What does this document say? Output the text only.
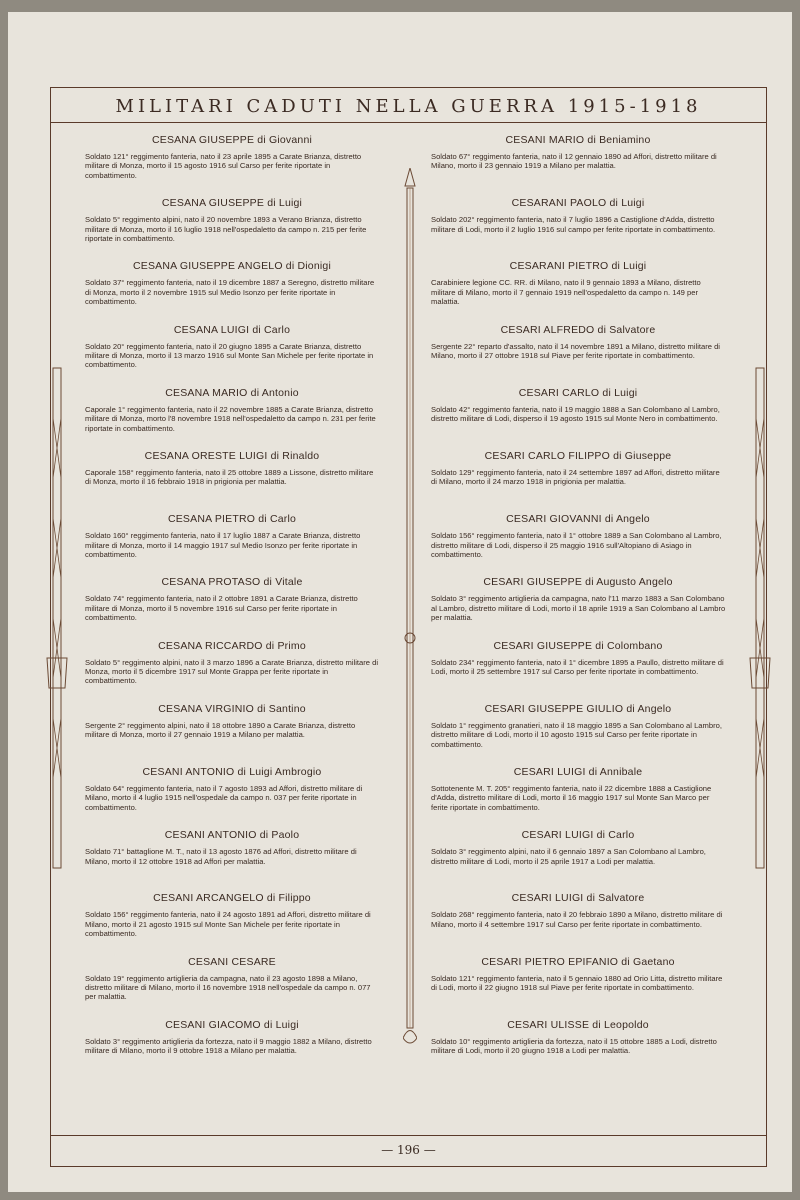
MILITARI CADUTI NELLA GUERRA 1915-1918
CESANA GIUSEPPE di Giovanni
Soldato 121° reggimento fanteria, nato il 23 aprile 1895 a Carate Brianza, distretto militare di Monza, morto il 15 agosto 1916 sul Carso per ferite riportate in combattimento.
CESANA GIUSEPPE di Luigi
Soldato 5° reggimento alpini, nato il 20 novembre 1893 a Verano Brianza, distretto militare di Monza, morto il 16 luglio 1918 nell'ospedaletto da campo n. 215 per ferite riportate in combattimento.
CESANA GIUSEPPE ANGELO di Dionigi
Soldato 37° reggimento fanteria, nato il 19 dicembre 1887 a Seregno, distretto militare di Monza, morto il 2 novembre 1915 sul Medio Isonzo per ferite riportate in combattimento.
CESANA LUIGI di Carlo
Soldato 20° reggimento fanteria, nato il 20 giugno 1895 a Carate Brianza, distretto militare di Monza, morto il 13 marzo 1916 sul Monte San Michele per ferite riportate in combattimento.
CESANA MARIO di Antonio
Caporale 1° reggimento fanteria, nato il 22 novembre 1885 a Carate Brianza, distretto militare di Monza, morto l'8 novembre 1918 nell'ospedaletto da campo n. 231 per ferite riportate in combattimento.
CESANA ORESTE LUIGI di Rinaldo
Caporale 158° reggimento fanteria, nato il 25 ottobre 1889 a Lissone, distretto militare di Monza, morto il 16 febbraio 1918 in prigionia per malattia.
CESANA PIETRO di Carlo
Soldato 160° reggimento fanteria, nato il 17 luglio 1887 a Carate Brianza, distretto militare di Monza, morto il 14 maggio 1917 sul Medio Isonzo per ferite riportate in combattimento.
CESANA PROTASO di Vitale
Soldato 74° reggimento fanteria, nato il 2 ottobre 1891 a Carate Brianza, distretto militare di Monza, morto il 5 novembre 1916 sul Carso per ferite riportate in combattimento.
CESANA RICCARDO di Primo
Soldato 5° reggimento alpini, nato il 3 marzo 1896 a Carate Brianza, distretto militare di Monza, morto il 5 dicembre 1917 sul Monte Grappa per ferite riportate in combattimento.
CESANA VIRGINIO di Santino
Sergente 2° reggimento alpini, nato il 18 ottobre 1890 a Carate Brianza, distretto militare di Monza, morto il 27 gennaio 1919 a Milano per malattia.
CESANI ANTONIO di Luigi Ambrogio
Soldato 64° reggimento fanteria, nato il 7 agosto 1893 ad Affori, distretto militare di Milano, morto il 4 luglio 1915 nell'ospedale da campo n. 037 per ferite riportate in combattimento.
CESANI ANTONIO di Paolo
Soldato 71° battaglione M. T., nato il 13 agosto 1876 ad Affori, distretto militare di Milano, morto il 12 ottobre 1918 ad Affori per malattia.
CESANI ARCANGELO di Filippo
Soldato 156° reggimento fanteria, nato il 24 agosto 1891 ad Affori, distretto militare di Milano, morto il 21 agosto 1915 sul Monte San Michele per ferite riportate in combattimento.
CESANI CESARE
Soldato 19° reggimento artiglieria da campagna, nato il 23 agosto 1898 a Milano, distretto militare di Milano, morto il 16 novembre 1918 nell'ospedale da campo n. 077 per malattia.
CESANI GIACOMO di Luigi
Soldato 3° reggimento artiglieria da fortezza, nato il 9 maggio 1882 a Milano, distretto militare di Milano, morto il 9 ottobre 1918 a Milano per malattia.
CESANI MARIO di Beniamino
Soldato 67° reggimento fanteria, nato il 12 gennaio 1890 ad Affori, distretto militare di Milano, morto il 23 gennaio 1919 a Milano per malattia.
CESARANI PAOLO di Luigi
Soldato 202° reggimento fanteria, nato il 7 luglio 1896 a Castiglione d'Adda, distretto militare di Lodi, morto il 2 luglio 1916 sul campo per ferite riportate in combattimento.
CESARANI PIETRO di Luigi
Carabiniere legione CC. RR. di Milano, nato il 9 gennaio 1893 a Milano, distretto militare di Milano, morto il 7 gennaio 1919 nell'ospedaletto da campo n. 149 per malattia.
CESARI ALFREDO di Salvatore
Sergente 22° reparto d'assalto, nato il 14 novembre 1891 a Milano, distretto militare di Milano, morto il 27 ottobre 1918 sul Piave per ferite riportate in combattimento.
CESARI CARLO di Luigi
Soldato 42° reggimento fanteria, nato il 19 maggio 1888 a San Colombano al Lambro, distretto militare di Lodi, disperso il 19 agosto 1915 sul Monte Nero in combattimento.
CESARI CARLO FILIPPO di Giuseppe
Soldato 129° reggimento fanteria, nato il 24 settembre 1897 ad Affori, distretto militare di Milano, morto il 24 marzo 1918 in prigionia per malattia.
CESARI GIOVANNI di Angelo
Soldato 156° reggimento fanteria, nato il 1° ottobre 1889 a San Colombano al Lambro, distretto militare di Lodi, disperso il 25 maggio 1916 sull'Altopiano di Asiago in combattimento.
CESARI GIUSEPPE di Augusto Angelo
Soldato 3° reggimento artiglieria da campagna, nato l'11 marzo 1883 a San Colombano al Lambro, distretto militare di Lodi, morto il 18 aprile 1919 a San Colombano al Lambro per malattia.
CESARI GIUSEPPE di Colombano
Soldato 234° reggimento fanteria, nato il 1° dicembre 1895 a Paullo, distretto militare di Lodi, morto il 25 settembre 1917 sul Carso per ferite riportate in combattimento.
CESARI GIUSEPPE GIULIO di Angelo
Soldato 1° reggimento granatieri, nato il 18 maggio 1895 a San Colombano al Lambro, distretto militare di Lodi, morto il 10 agosto 1915 sul Carso per ferite riportate in combattimento.
CESARI LUIGI di Annibale
Sottotenente M. T. 205° reggimento fanteria, nato il 22 dicembre 1888 a Castiglione d'Adda, distretto militare di Lodi, morto il 16 maggio 1917 sul Monte San Marco per ferite riportate in combattimento.
CESARI LUIGI di Carlo
Soldato 3° reggimento alpini, nato il 6 gennaio 1897 a San Colombano al Lambro, distretto militare di Lodi, morto il 25 aprile 1917 a Lodi per malattia.
CESARI LUIGI di Salvatore
Soldato 268° reggimento fanteria, nato il 20 febbraio 1890 a Milano, distretto militare di Milano, morto il 4 settembre 1917 sul Carso per ferite riportate in combattimento.
CESARI PIETRO EPIFANIO di Gaetano
Soldato 121° reggimento fanteria, nato il 5 gennaio 1880 ad Orio Litta, distretto militare di Lodi, morto il 22 giugno 1918 sul Piave per ferite riportate in combattimento.
CESARI ULISSE di Leopoldo
Soldato 10° reggimento artiglieria da fortezza, nato il 15 ottobre 1885 a Lodi, distretto militare di Lodi, morto il 20 giugno 1918 a Lodi per malattia.
— 196 —
